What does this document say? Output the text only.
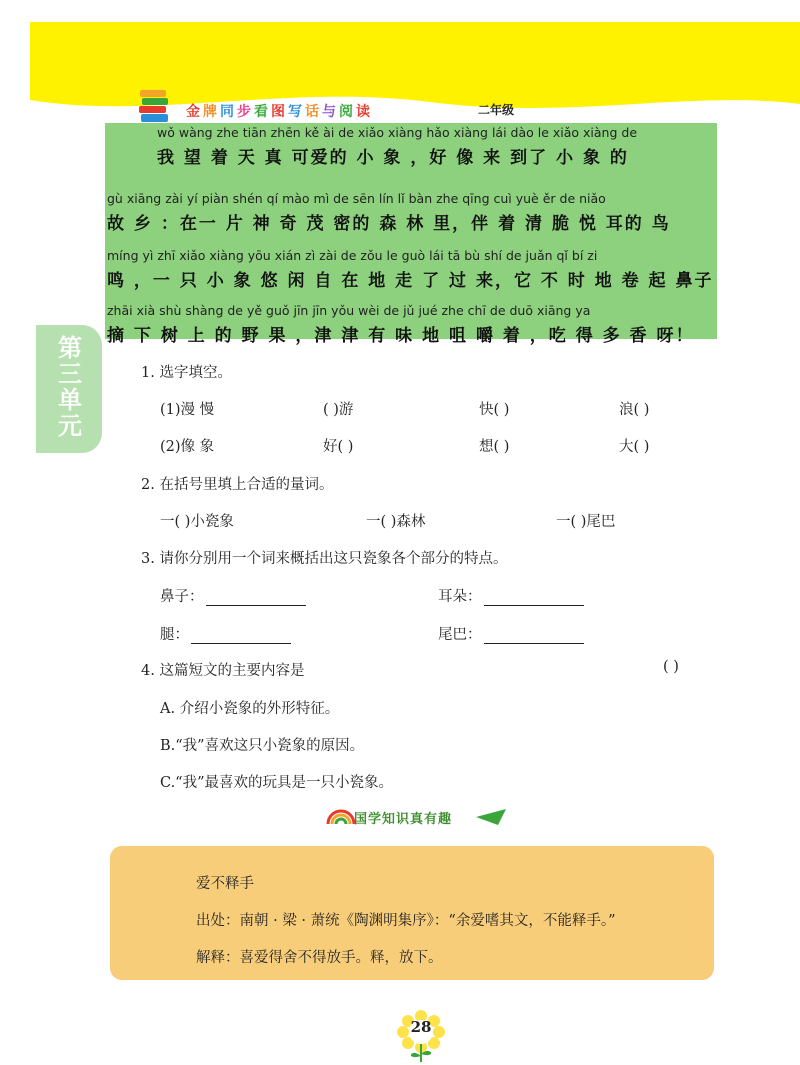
金牌同步看图写话与阅读	二年级
wǒ wàng zhe tiān zhēn kě ài de xiǎo xiàng hǎo xiàng lái dào le xiǎo xiàng de
我 望 着 天 真 可爱的 小 象 ，好 像 来 到了 小 象 的
gù xiāng zài yí piàn shén qí mào mì de sēn lín lǐ bàn zhe qīng cuì yuè ěr de niǎo
故 乡 ：在一 片 神 奇 茂 密的 森 林 里，伴 着 清 脆 悦 耳的 鸟
míng yì zhī xiǎo xiàng yōu xián zì zài de zǒu le guò lái tā bù shí de juǎn qǐ bí zi
鸣 ，一 只 小 象 悠 闲 自 在 地 走 了 过 来，它 不 时 地 卷 起 鼻子
zhāi xià shù shàng de yě guǒ jīn jīn yǒu wèi de jǔ jué zhe chī de duō xiāng ya
摘 下 树 上 的 野 果 ，津 津 有 味 地 咀 嚼 着 ，吃 得 多 香 呀！
第三单元
1. 选字填空。
(1)漫 慢	( )游	快( )	浪( )
(2)像 象	好( )	想( )	大( )
2. 在括号里填上合适的量词。
一( )小瓷象	一( )森林	一( )尾巴
3. 请你分别用一个词来概括出这只瓷象各个部分的特点。
鼻子：	耳朵：
腿：	尾巴：
4. 这篇短文的主要内容是	( )
A. 介绍小瓷象的外形特征。
B.“我”喜欢这只小瓷象的原因。
C.“我”最喜欢的玩具是一只小瓷象。
国学知识真有趣
爱不释手
出处：南朝 · 梁 · 萧统《陶渊明集序》：“余爱嗜其文，不能释手。”
解释：喜爱得舍不得放手。释，放下。
28
